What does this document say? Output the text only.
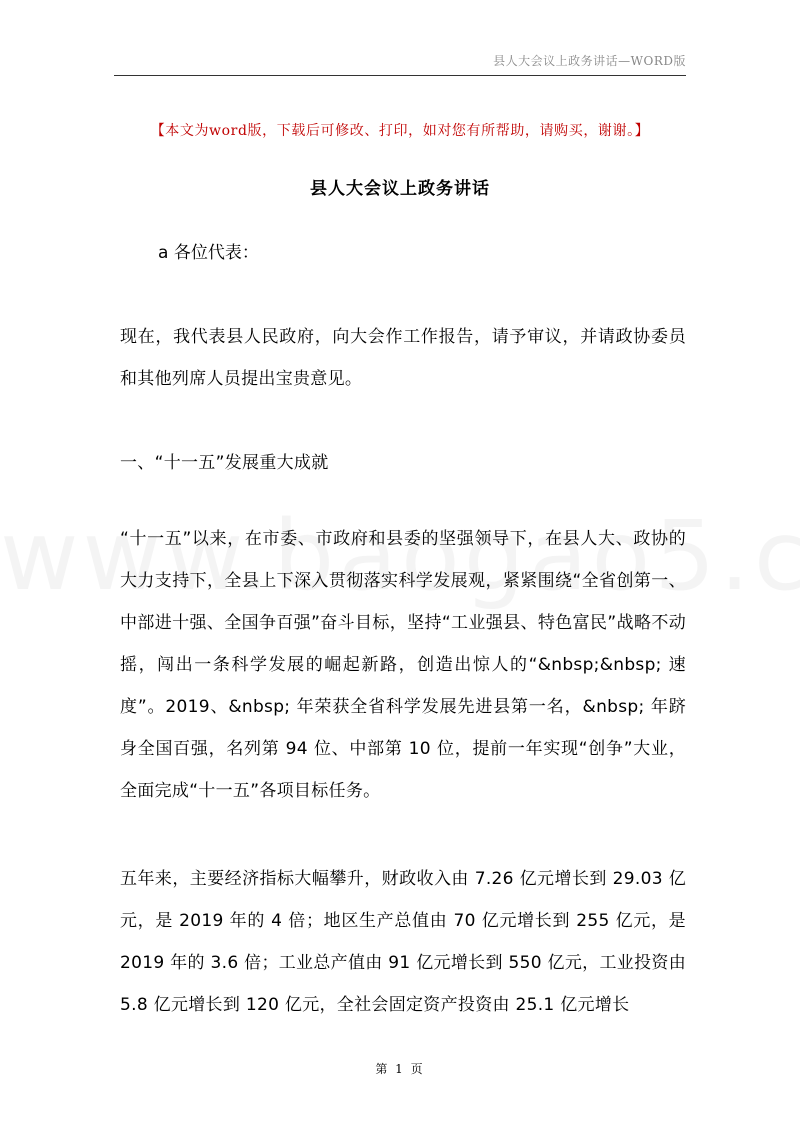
县人大会议上政务讲话—WORD版
【本文为word版，下载后可修改、打印，如对您有所帮助，请购买，谢谢。】
县人大会议上政务讲话
a 各位代表：

现在，我代表县人民政府，向大会作工作报告，请予审议，并请政协委员和其他列席人员提出宝贵意见。

一、“十一五”发展重大成就

“十一五”以来，在市委、市政府和县委的坚强领导下，在县人大、政协的大力支持下，全县上下深入贯彻落实科学发展观，紧紧围绕“全省创第一、中部进十强、全国争百强”奋斗目标，坚持“工业强县、特色富民”战略不动摇，闯出一条科学发展的崛起新路，创造出惊人的“&nbsp;&nbsp; 速度”。2019、&nbsp; 年荣获全省科学发展先进县第一名，&nbsp; 年跻身全国百强，名列第 94 位、中部第 10 位，提前一年实现“创争”大业，全面完成“十一五”各项目标任务。

五年来，主要经济指标大幅攀升，财政收入由 7.26 亿元增长到 29.03 亿元，是 2019 年的 4 倍；地区生产总值由 70 亿元增长到 255 亿元，是 2019 年的 3.6 倍；工业总产值由 91 亿元增长到 550 亿元，工业投资由 5.8 亿元增长到 120 亿元，全社会固定资产投资由 25.1 亿元增长

第 1 页
